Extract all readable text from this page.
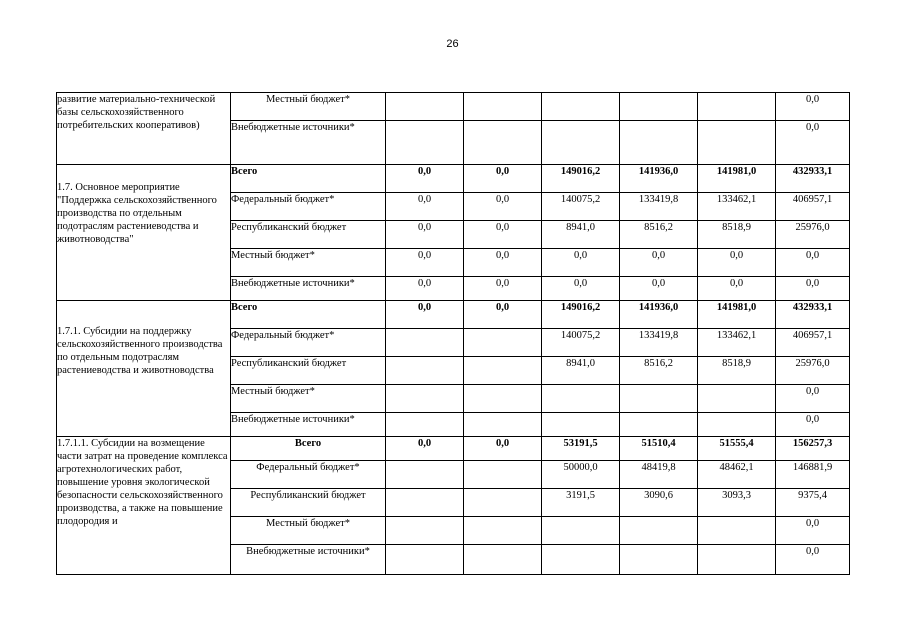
26
развитие материально-технической базы сельскохозяйственного потребительских кооперативов)	Местный бюджет*						0,0
	Внебюджетные источники*						0,0
1.7. Основное мероприятие "Поддержка сельскохозяйственного производства по отдельным подотраслям растениеводства и животноводства"	Всего	0,0	0,0	149016,2	141936,0	141981,0	432933,1
	Федеральный бюджет*	0,0	0,0	140075,2	133419,8	133462,1	406957,1
	Республиканский бюджет	0,0	0,0	8941,0	8516,2	8518,9	25976,0
	Местный бюджет*	0,0	0,0	0,0	0,0	0,0	0,0
	Внебюджетные источники*	0,0	0,0	0,0	0,0	0,0	0,0
1.7.1. Субсидии на поддержку сельскохозяйственного производства по отдельным подотраслям растениеводства и животноводства	Всего	0,0	0,0	149016,2	141936,0	141981,0	432933,1
	Федеральный бюджет*			140075,2	133419,8	133462,1	406957,1
	Республиканский бюджет			8941,0	8516,2	8518,9	25976,0
	Местный бюджет*						0,0
	Внебюджетные источники*						0,0
1.7.1.1. Субсидии на возмещение части затрат на проведение комплекса агротехнологических работ, повышение уровня экологической безопасности сельскохозяйственного производства, а также на повышение плодородия и	Всего	0,0	0,0	53191,5	51510,4	51555,4	156257,3
	Федеральный бюджет*			50000,0	48419,8	48462,1	146881,9
	Республиканский бюджет			3191,5	3090,6	3093,3	9375,4
	Местный бюджет*						0,0
	Внебюджетные источники*						0,0
